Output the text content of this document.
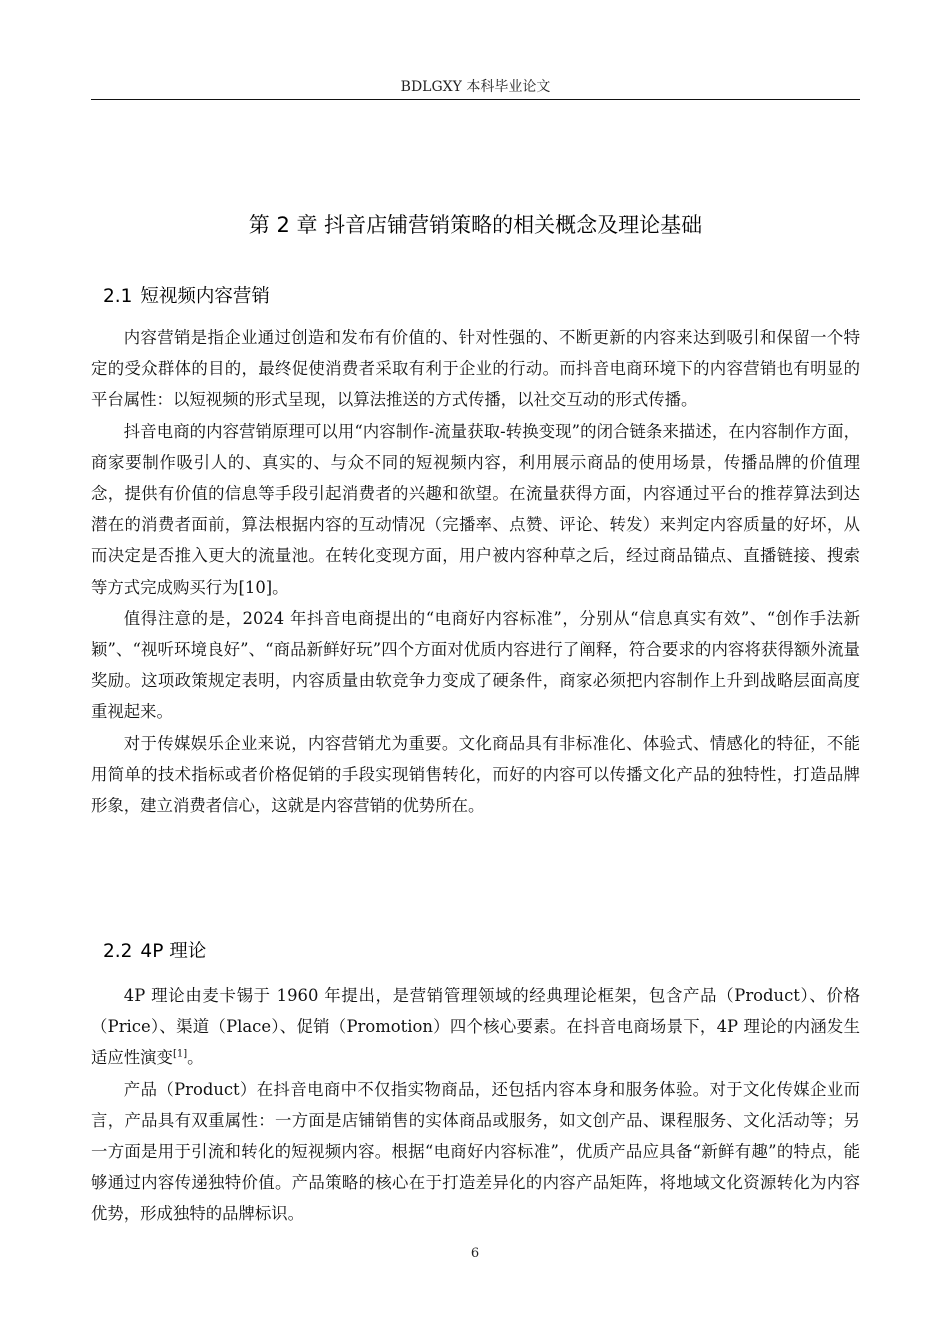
BDLGXY 本科毕业论文
第 2 章 抖音店铺营销策略的相关概念及理论基础
2.1 短视频内容营销

内容营销是指企业通过创造和发布有价值的、针对性强的、不断更新的内容来达到吸引和保留一个特定的受众群体的目的，最终促使消费者采取有利于企业的行动。而抖音电商环境下的内容营销也有明显的平台属性：以短视频的形式呈现，以算法推送的方式传播，以社交互动的形式传播。

抖音电商的内容营销原理可以用“内容制作-流量获取-转换变现”的闭合链条来描述，在内容制作方面，商家要制作吸引人的、真实的、与众不同的短视频内容，利用展示商品的使用场景，传播品牌的价值理念，提供有价值的信息等手段引起消费者的兴趣和欲望。在流量获得方面，内容通过平台的推荐算法到达潜在的消费者面前，算法根据内容的互动情况（完播率、点赞、评论、转发）来判定内容质量的好坏，从而决定是否推入更大的流量池。在转化变现方面，用户被内容种草之后，经过商品锚点、直播链接、搜索等方式完成购买行为[10]。

值得注意的是，2024 年抖音电商提出的“电商好内容标准”，分别从“信息真实有效”、“创作手法新颖”、“视听环境良好”、“商品新鲜好玩”四个方面对优质内容进行了阐释，符合要求的内容将获得额外流量奖励。这项政策规定表明，内容质量由软竞争力变成了硬条件，商家必须把内容制作上升到战略层面高度重视起来。

对于传媒娱乐企业来说，内容营销尤为重要。文化商品具有非标准化、体验式、情感化的特征，不能用简单的技术指标或者价格促销的手段实现销售转化，而好的内容可以传播文化产品的独特性，打造品牌形象，建立消费者信心，这就是内容营销的优势所在。

2.2 4P 理论

4P 理论由麦卡锡于 1960 年提出，是营销管理领域的经典理论框架，包含产品（Product）、价格（Price）、渠道（Place）、促销（Promotion）四个核心要素。在抖音电商场景下，4P 理论的内涵发生适应性演变[1]。

产品（Product）在抖音电商中不仅指实物商品，还包括内容本身和服务体验。对于文化传媒企业而言，产品具有双重属性：一方面是店铺销售的实体商品或服务，如文创产品、课程服务、文化活动等；另一方面是用于引流和转化的短视频内容。根据“电商好内容标准”，优质产品应具备“新鲜有趣”的特点，能够通过内容传递独特价值。产品策略的核心在于打造差异化的内容产品矩阵，将地域文化资源转化为内容优势，形成独特的品牌标识。

6
